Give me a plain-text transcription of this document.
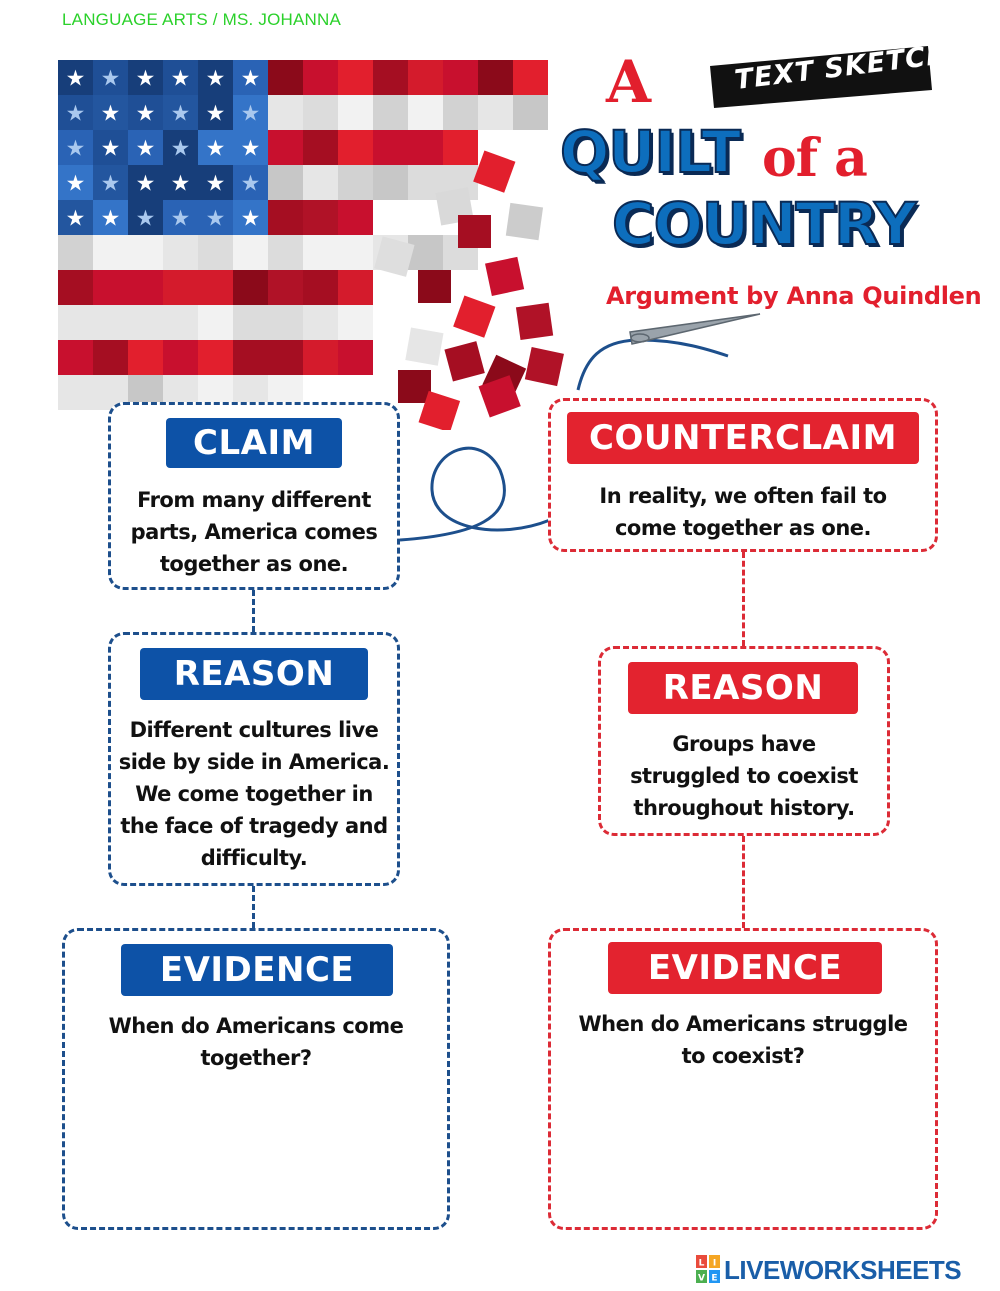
LANGUAGE ARTS / MS. JOHANNA
★ ★ ★ ★ ★ ★
★ ★ ★ ★ ★ ★
★ ★ ★ ★ ★ ★
★ ★ ★ ★ ★ ★
★ ★ ★ ★ ★ ★
A	TEXT SKETCH
QUILT of a
COUNTRY
Argument by Anna Quindlen
CLAIM
From many different parts, America comes together as one.
REASON
Different cultures live side by side in America. We come together in the face of tragedy and difficulty.
EVIDENCE
When do Americans come together?
COUNTERCLAIM
In reality, we often fail to come together as one.
REASON
Groups have struggled to coexist throughout history.
EVIDENCE
When do Americans struggle to coexist?
L I
V E LIVEWORKSHEETS
